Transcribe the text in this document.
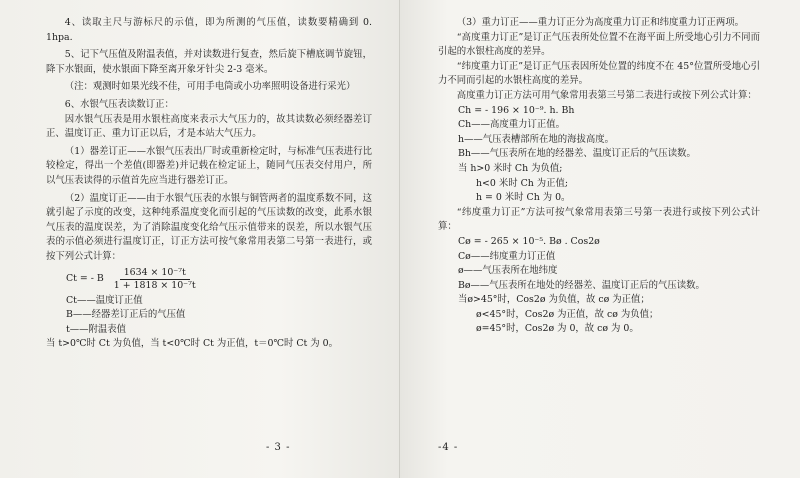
4、读取主尺与游标尺的示值，即为所测的气压值，读数要精确到 0. 1hpa.

5、记下气压值及附温表值，并对读数进行复查，然后旋下槽底调节旋钮，降下水银面，使水银面下降至离开象牙针尖 2-3 毫米。

（注：观测时如果光线不佳，可用手电筒或小功率照明设备进行采光）

6、水银气压表读数订正：

因水银气压表是用水银柱高度来表示大气压力的，故其读数必须经器差订正、温度订正、重力订正以后，才是本站大气压力。

（1）器差订正——水银气压表出厂时或重新检定时，与标准气压表进行比较检定，得出一个差值(即器差)并记载在检定证上，随同气压表交付用户，所以气压表读得的示值首先应当进行器差订正。

（2）温度订正——由于水银气压表的水银与铜管两者的温度系数不同，这就引起了示度的改变，这种纯系温度变化而引起的气压读数的改变，此系水银气压表的温度误差，为了消除温度变化给气压示值带来的误差，所以水银气压表的示值必须进行温度订正，订正方法可按气象常用表第二号第一表进行，或按下列公式计算：

Ct = - B $\frac{\text{1634 × 10⁻⁷t}}{\text{1 + 1818 × 10⁻⁷t}}$

Ct——温度订正值

B——经器差订正后的气压值

t——附温表值

当 t>0℃时 Ct 为负值，当 t<0℃时 Ct 为正值，t＝0℃时 Ct 为 0。

- 3 -

（3）重力订正——重力订正分为高度重力订正和纬度重力订正两项。

“高度重力订正”是订正气压表所处位置不在海平面上所受地心引力不同而引起的水银柱高度的差异。

“纬度重力订正”是订正气压表因所处位置的纬度不在 45°位置所受地心引力不同而引起的水银柱高度的差异。

高度重力订正方法可用气象常用表第三号第二表进行或按下列公式计算：

Ch = - 196 × 10⁻⁹. h. Bh

Ch——高度重力订正值。

h——气压表槽部所在地的海拔高度。

Bh——气压表所在地的经器差、温度订正后的气压读数。

当 h>0 米时 Ch 为负值;

h<0 米时 Ch 为正值;

h = 0 米时 Ch 为 0。

“纬度重力订正”方法可按气象常用表第三号第一表进行或按下列公式计算：

Cø = - 265 × 10⁻⁵. Bø . Cos2ø

Cø——纬度重力订正值

ø——气压表所在地纬度

Bø——气压表所在地处的经器差、温度订正后的气压读数。

当ø>45°时，Cos2ø 为负值，故 cø 为正值；

ø<45°时，Cos2ø 为正值，故 cø 为负值；

ø=45°时，Cos2ø 为 0，故 cø 为 0。

-4 -
